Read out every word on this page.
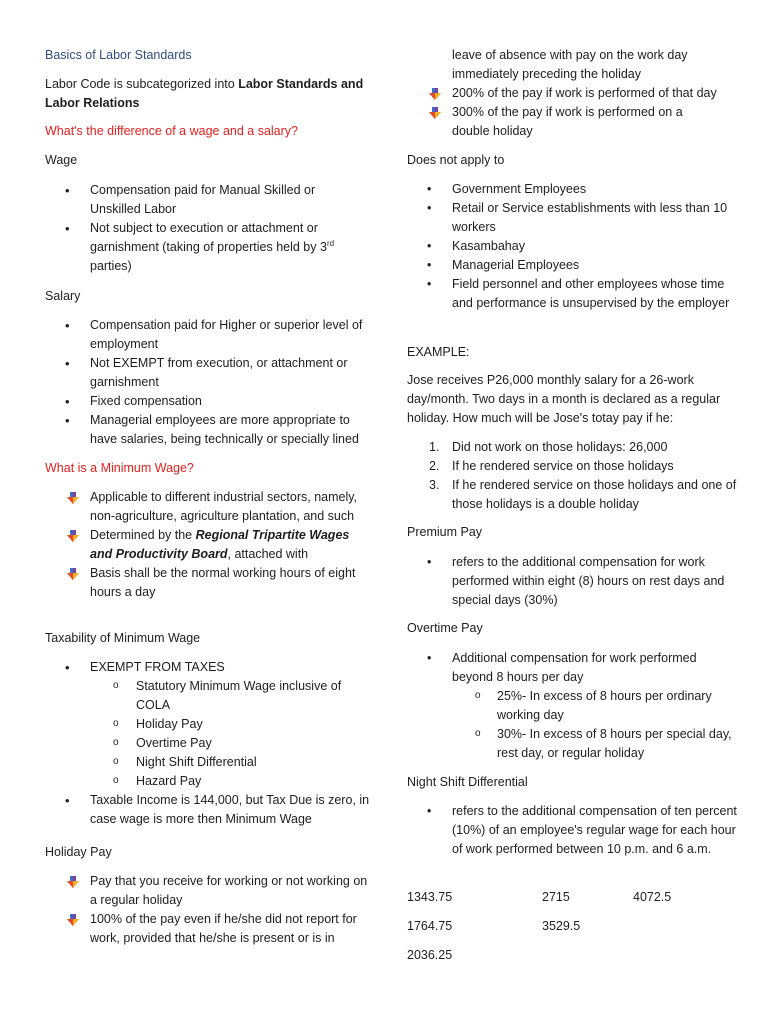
Basics of Labor Standards
Labor Code is subcategorized into Labor Standards and Labor Relations
What's the difference of a wage and a salary?
Wage
• Compensation paid for Manual Skilled or Unskilled Labor
• Not subject to execution or attachment or garnishment (taking of properties held by 3rd parties)
Salary
• Compensation paid for Higher or superior level of employment
• Not EXEMPT from execution, or attachment or garnishment
• Fixed compensation
• Managerial employees are more appropriate to have salaries, being technically or specially lined
What is a Minimum Wage?
Applicable to different industrial sectors, namely, non-agriculture, agriculture plantation, and such
Determined by the Regional Tripartite Wages and Productivity Board, attached with
Basis shall be the normal working hours of eight hours a day
Taxability of Minimum Wage
• EXEMPT FROM TAXES
o Statutory Minimum Wage inclusive of COLA
o Holiday Pay
o Overtime Pay
o Night Shift Differential
o Hazard Pay
• Taxable Income is 144,000, but Tax Due is zero, in case wage is more then Minimum Wage
Holiday Pay
Pay that you receive for working or not working on a regular holiday
100% of the pay even if he/she did not report for work, provided that he/she is present or is in
leave of absence with pay on the work day immediately preceding the holiday
200% of the pay if work is performed of that day
300% of the pay if work is performed on a double holiday
Does not apply to
• Government Employees
• Retail or Service establishments with less than 10 workers
• Kasambahay
• Managerial Employees
• Field personnel and other employees whose time and performance is unsupervised by the employer
EXAMPLE:
Jose receives P26,000 monthly salary for a 26-work day/month. Two days in a month is declared as a regular holiday. How much will be Jose's totay pay if he:
1. Did not work on those holidays: 26,000
2. If he rendered service on those holidays
3. If he rendered service on those holidays and one of those holidays is a double holiday
Premium Pay
• refers to the additional compensation for work performed within eight (8) hours on rest days and special days (30%)
Overtime Pay
• Additional compensation for work performed beyond 8 hours per day
o 25%- In excess of 8 hours per ordinary working day
o 30%- In excess of 8 hours per special day, rest day, or regular holiday
Night Shift Differential
• refers to the additional compensation of ten percent (10%) of an employee's regular wage for each hour of work performed between 10 p.m. and 6 a.m.
1343.75	2715	4072.5
1764.75	3529.5
2036.25
